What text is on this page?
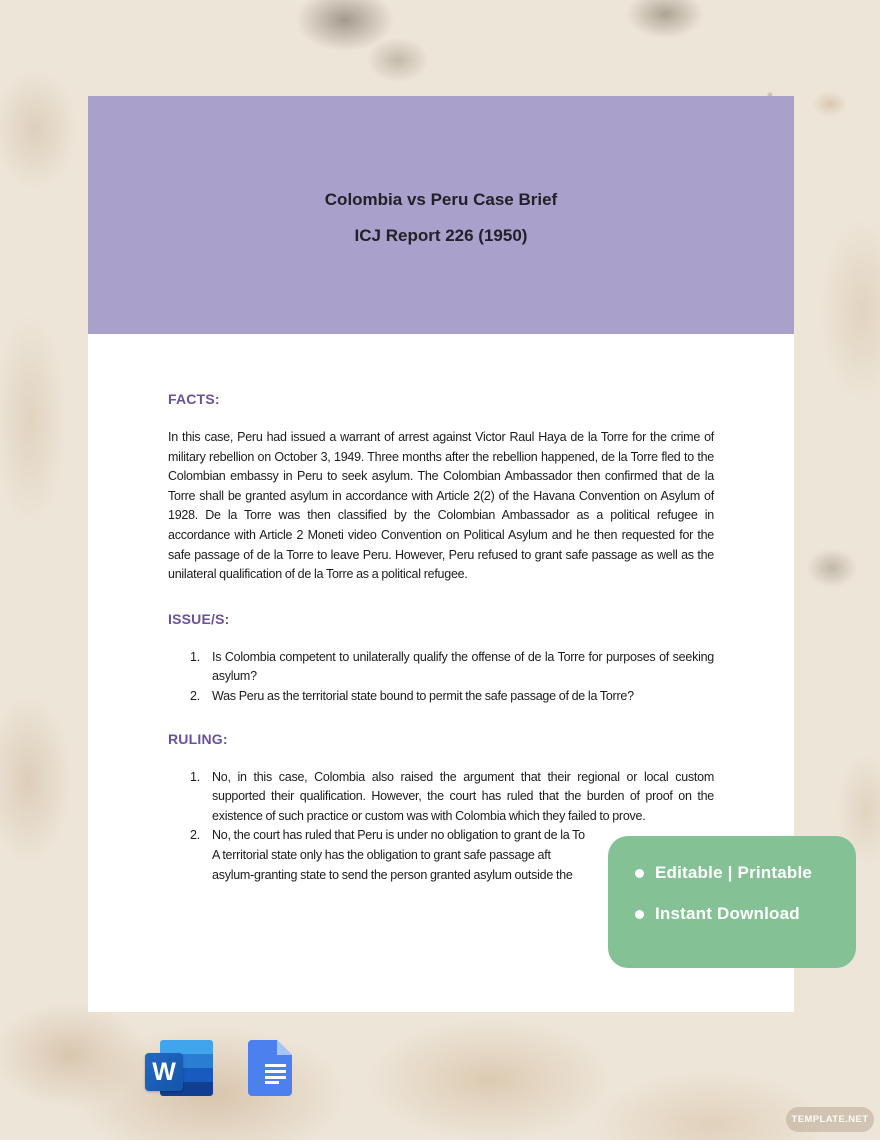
Colombia vs Peru Case Brief
ICJ Report 226 (1950)
FACTS:

In this case, Peru had issued a warrant of arrest against Victor Raul Haya de la Torre for the crime of military rebellion on October 3, 1949. Three months after the rebellion happened, de la Torre fled to the Colombian embassy in Peru to seek asylum. The Colombian Ambassador then confirmed that de la Torre shall be granted asylum in accordance with Article 2(2) of the Havana Convention on Asylum of 1928. De la Torre was then classified by the Colombian Ambassador as a political refugee in accordance with Article 2 Moneti video Convention on Political Asylum and he then requested for the safe passage of de la Torre to leave Peru. However, Peru refused to grant safe passage as well as the unilateral qualification of de la Torre as a political refugee.

ISSUE/S:
Is Colombia competent to unilaterally qualify the offense of de la Torre for purposes of seeking asylum?
Was Peru as the territorial state bound to permit the safe passage of de la Torre?
RULING:
No, in this case, Colombia also raised the argument that their regional or local custom supported their qualification. However, the court has ruled that the burden of proof on the existence of such practice or custom was with Colombia which they failed to prove.
No, the court has ruled that Peru is under no obligation to grant de la To
A territorial state only has the obligation to grant safe passage aft
asylum-granting state to send the person granted asylum outside the	Editable | Printable
Instant Download
W
TEMPLATE.NET
